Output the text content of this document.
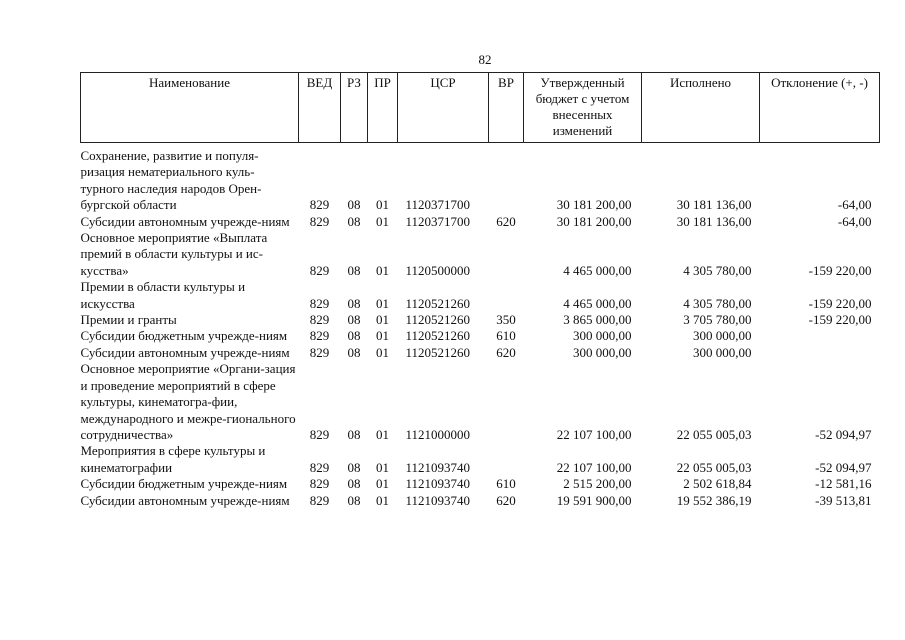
82
Наименование	ВЕД	РЗ	ПР	ЦСР	ВР	Утвержденный бюджет с учетом внесенных изменений	Исполнено	Отклонение (+, -)

Сохранение, развитие и популя-ризация нематериального куль-турного наследия народов Орен-бургской области	829	08	01	1120371700		30 181 200,00	30 181 136,00	-64,00
Субсидии автономным учрежде-ниям	829	08	01	1120371700	620	30 181 200,00	30 181 136,00	-64,00
Основное мероприятие «Выплата премий в области культуры и ис-кусства»	829	08	01	1120500000		4 465 000,00	4 305 780,00	-159 220,00
Премии в области культуры и искусства	829	08	01	1120521260		4 465 000,00	4 305 780,00	-159 220,00
Премии и гранты	829	08	01	1120521260	350	3 865 000,00	3 705 780,00	-159 220,00
Субсидии бюджетным учрежде-ниям	829	08	01	1120521260	610	300 000,00	300 000,00	
Субсидии автономным учрежде-ниям	829	08	01	1120521260	620	300 000,00	300 000,00	
Основное мероприятие «Органи-зация и проведение мероприятий в сфере культуры, кинематогра-фии, международного и межре-гионального сотрудничества»	829	08	01	1121000000		22 107 100,00	22 055 005,03	-52 094,97
Мероприятия в сфере культуры и кинематографии	829	08	01	1121093740		22 107 100,00	22 055 005,03	-52 094,97
Субсидии бюджетным учрежде-ниям	829	08	01	1121093740	610	2 515 200,00	2 502 618,84	-12 581,16
Субсидии автономным учрежде-ниям	829	08	01	1121093740	620	19 591 900,00	19 552 386,19	-39 513,81
